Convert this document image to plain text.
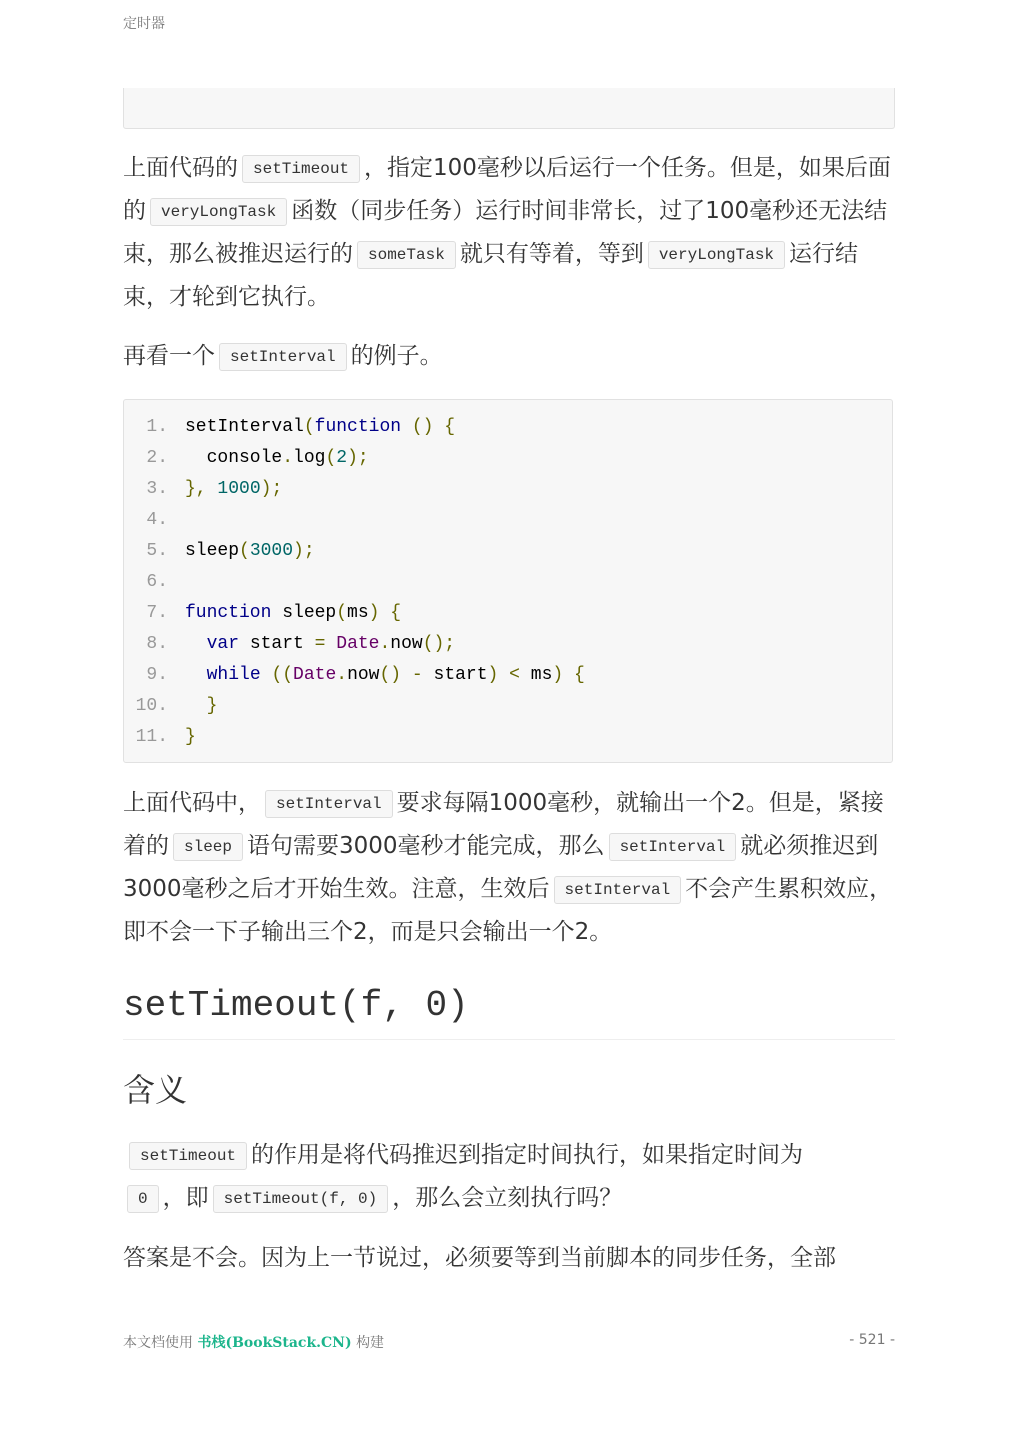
定时器

上面代码的 setTimeout ，指定100毫秒以后运行一个任务。但是，如果后面的 veryLongTask 函数（同步任务）运行时间非常长，过了100毫秒还无法结束，那么被推迟运行的 someTask 就只有等着，等到 veryLongTask 运行结束，才轮到它执行。

再看一个 setInterval 的例子。

1. setInterval(function () {
2. console.log(2);
3. }, 1000);
4.
5. sleep(3000);
6.
7. function sleep(ms) {
8.	var start = Date.now();
9.	while ((Date.now() - start) < ms) {
10.	}
11. }

上面代码中， setInterval 要求每隔1000毫秒，就输出一个2。但是，紧接着的 sleep 语句需要3000毫秒才能完成，那么 setInterval 就必须推迟到3000毫秒之后才开始生效。注意，生效后 setInterval 不会产生累积效应，即不会一下子输出三个2，而是只会输出一个2。

setTimeout(f, 0)
含义

setTimeout 的作用是将代码推迟到指定时间执行，如果指定时间为0 ，即 setTimeout(f, 0) ，那么会立刻执行吗？

答案是不会。因为上一节说过，必须要等到当前脚本的同步任务，全部

本文档使用 书栈(BookStack.CN) 构建	- 521 -
